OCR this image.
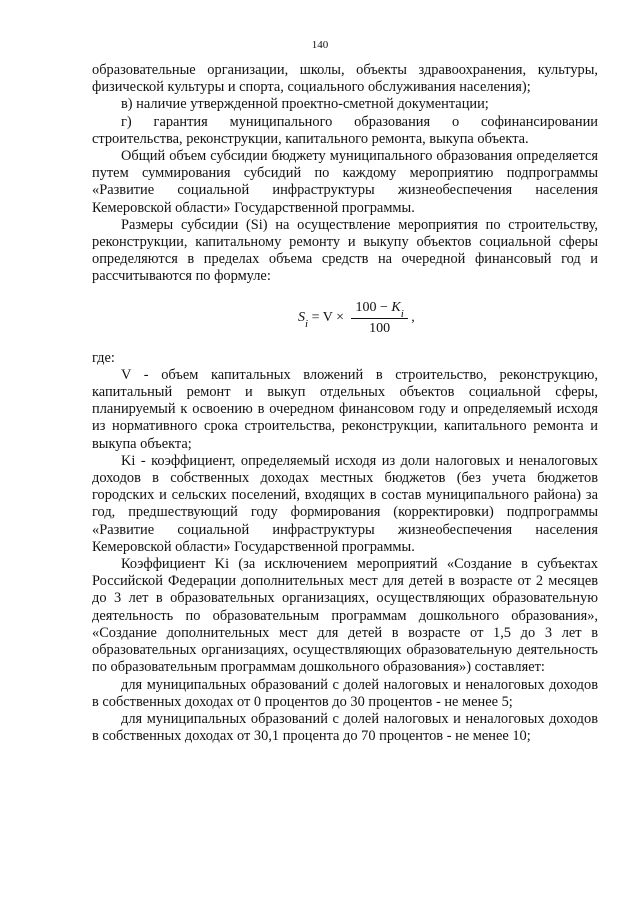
140

образовательные организации, школы, объекты здравоохранения, культуры, физической культуры и спорта, социального обслуживания населения);

в) наличие утвержденной проектно-сметной документации;

г) гарантия муниципального образования о софинансировании строительства, реконструкции, капитального ремонта, выкупа объекта.

Общий объем субсидии бюджету муниципального образования определяется путем суммирования субсидий по каждому мероприятию подпрограммы «Развитие социальной инфраструктуры жизнеобеспечения населения Кемеровской области» Государственной программы.

Размеры субсидии (Si) на осуществление мероприятия по строительству, реконструкции, капитальному ремонту и выкупу объектов социальной сферы определяются в пределах объема средств на очередной финансовый год и рассчитываются по формуле:

S $i = V \times \frac{100 - K_i}{100}$ ,

где:

V - объем капитальных вложений в строительство, реконструкцию, капитальный ремонт и выкуп отдельных объектов социальной сферы, планируемый к освоению в очередном финансовом году и определяемый исходя из нормативного срока строительства, реконструкции, капитального ремонта и выкупа объекта;

Ki - коэффициент, определяемый исходя из доли налоговых и неналоговых доходов в собственных доходах местных бюджетов (без учета бюджетов городских и сельских поселений, входящих в состав муниципального района) за год, предшествующий году формирования (корректировки) подпрограммы «Развитие социальной инфраструктуры жизнеобеспечения населения Кемеровской области» Государственной программы.

Коэффициент Ki (за исключением мероприятий «Создание в субъектах Российской Федерации дополнительных мест для детей в возрасте от 2 месяцев до 3 лет в образовательных организациях, осуществляющих образовательную деятельность по образовательным программам дошкольного образования», «Создание дополнительных мест для детей в возрасте от 1,5 до 3 лет в образовательных организациях, осуществляющих образовательную деятельность по образовательным программам дошкольного образования») составляет:

для муниципальных образований с долей налоговых и неналоговых доходов в собственных доходах от 0 процентов до 30 процентов - не менее 5;

для муниципальных образований с долей налоговых и неналоговых доходов в собственных доходах от 30,1 процента до 70 процентов - не менее 10;
